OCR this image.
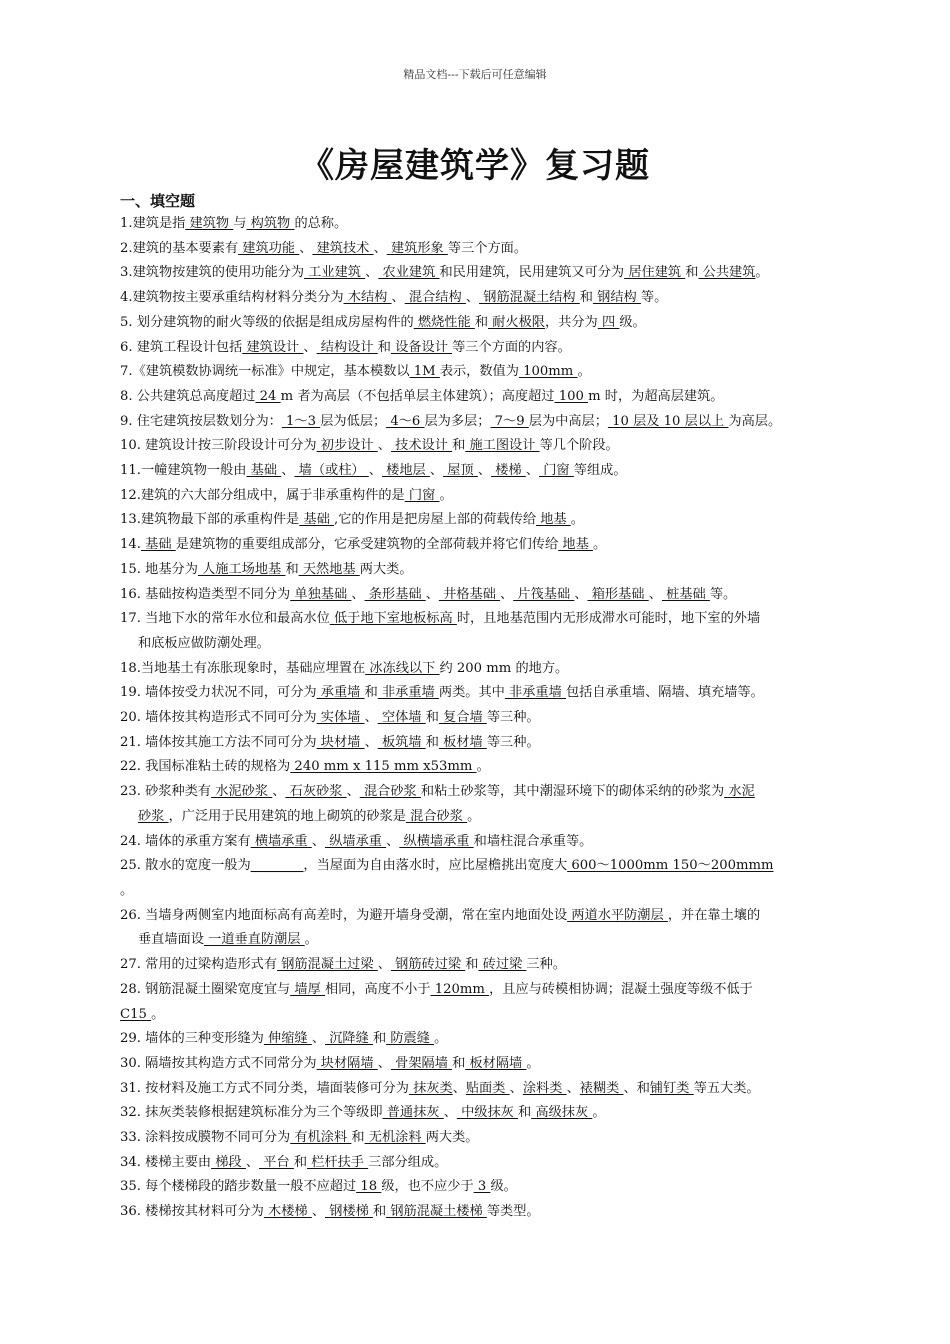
精品文档---下载后可任意编辑
《房屋建筑学》复习题
一、填空题
1.建筑是指 建筑物 与 构筑物 的总称。
2.建筑的基本要素有 建筑功能 、 建筑技术 、 建筑形象 等三个方面。
3.建筑物按建筑的使用功能分为 工业建筑 、 农业建筑 和民用建筑，民用建筑又可分为 居住建筑 和 公共建筑。
4.建筑物按主要承重结构材料分类分为 木结构 、 混合结构 、 钢筋混凝土结构 和 钢结构 等。
5. 划分建筑物的耐火等级的依据是组成房屋构件的 燃烧性能 和 耐火极限，共分为 四 级。
6. 建筑工程设计包括 建筑设计 、 结构设计 和 设备设计 等三个方面的内容。
7.《建筑模数协调统一标准》中规定，基本模数以 1M 表示，数值为 100mm 。
8. 公共建筑总高度超过 24 m 者为高层（不包括单层主体建筑）；高度超过 100 m 时，为超高层建筑。
9. 住宅建筑按层数划分为： 1～3 层为低层； 4～6 层为多层； 7～9 层为中高层； 10 层及 10 层以上 为高层。
10. 建筑设计按三阶段设计可分为 初步设计 、 技术设计 和 施工图设计 等几个阶段。
11.一幢建筑物一般由 基础 、 墙（或柱） 、 楼地层 、 屋顶 、 楼梯 、 门窗 等组成。
12.建筑的六大部分组成中，属于非承重构件的是 门窗 。
13.建筑物最下部的承重构件是 基础 ,它的作用是把房屋上部的荷载传给 地基 。
14. 基础 是建筑物的重要组成部分，它承受建筑物的全部荷载并将它们传给 地基 。
15. 地基分为 人施工场地基 和 天然地基 两大类。
16. 基础按构造类型不同分为 单独基础 、 条形基础 、 井格基础 、 片筏基础 、 箱形基础 、 桩基础 等。
17. 当地下水的常年水位和最高水位 低于地下室地板标高 时，且地基范围内无形成滞水可能时，地下室的外墙
和底板应做防潮处理。
18.当地基土有冻胀现象时，基础应埋置在 冰冻线以下 约 200 mm 的地方。
19. 墙体按受力状况不同，可分为 承重墙 和 非承重墙 两类。其中 非承重墙 包括自承重墙、隔墙、填充墙等。
20. 墙体按其构造形式不同可分为 实体墙 、 空体墙 和 复合墙 等三种。
21. 墙体按其施工方法不同可分为 块材墙 、 板筑墙 和 板材墙 等三种。
22. 我国标准粘土砖的规格为 240 mm x 115 mm x53mm 。
23. 砂浆种类有 水泥砂浆 、 石灰砂浆 、 混合砂浆 和粘土砂浆等，其中潮湿环境下的砌体采纳的砂浆为 水泥
砂浆 ，广泛用于民用建筑的地上砌筑的砂浆是 混合砂浆 。
24. 墙体的承重方案有 横墙承重 、 纵墙承重 、 纵横墙承重 和墙柱混合承重等。
25. 散水的宽度一般为________，当屋面为自由落水时，应比屋檐挑出宽度大 600～1000mm 150～200mmm
。
26. 当墙身两侧室内地面标高有高差时，为避开墙身受潮，常在室内地面处设 两道水平防潮层 ，并在靠土壤的
垂直墙面设 一道垂直防潮层 。
27. 常用的过梁构造形式有 钢筋混凝土过梁 、 钢筋砖过梁 和 砖过梁 三种。
28. 钢筋混凝土圈梁宽度宜与 墙厚 相同，高度不小于 120mm ，且应与砖模相协调；混凝土强度等级不低于
C15 。
29. 墙体的三种变形缝为 伸缩缝 、 沉降缝 和 防震缝 。
30. 隔墙按其构造方式不同常分为 块材隔墙 、 骨架隔墙 和 板材隔墙 。
31. 按材料及施工方式不同分类，墙面装修可分为 抹灰类、贴面类 、涂料类 、裱糊类 、和铺钉类 等五大类。
32. 抹灰类装修根据建筑标准分为三个等级即 普通抹灰 、 中级抹灰 和 高级抹灰 。
33. 涂料按成膜物不同可分为 有机涂料 和 无机涂料 两大类。
34. 楼梯主要由 梯段 、 平台 和 栏杆扶手 三部分组成。
35. 每个楼梯段的踏步数量一般不应超过 18 级，也不应少于 3 级。
36. 楼梯按其材料可分为 木楼梯 、 钢楼梯 和 钢筋混凝土楼梯 等类型。
